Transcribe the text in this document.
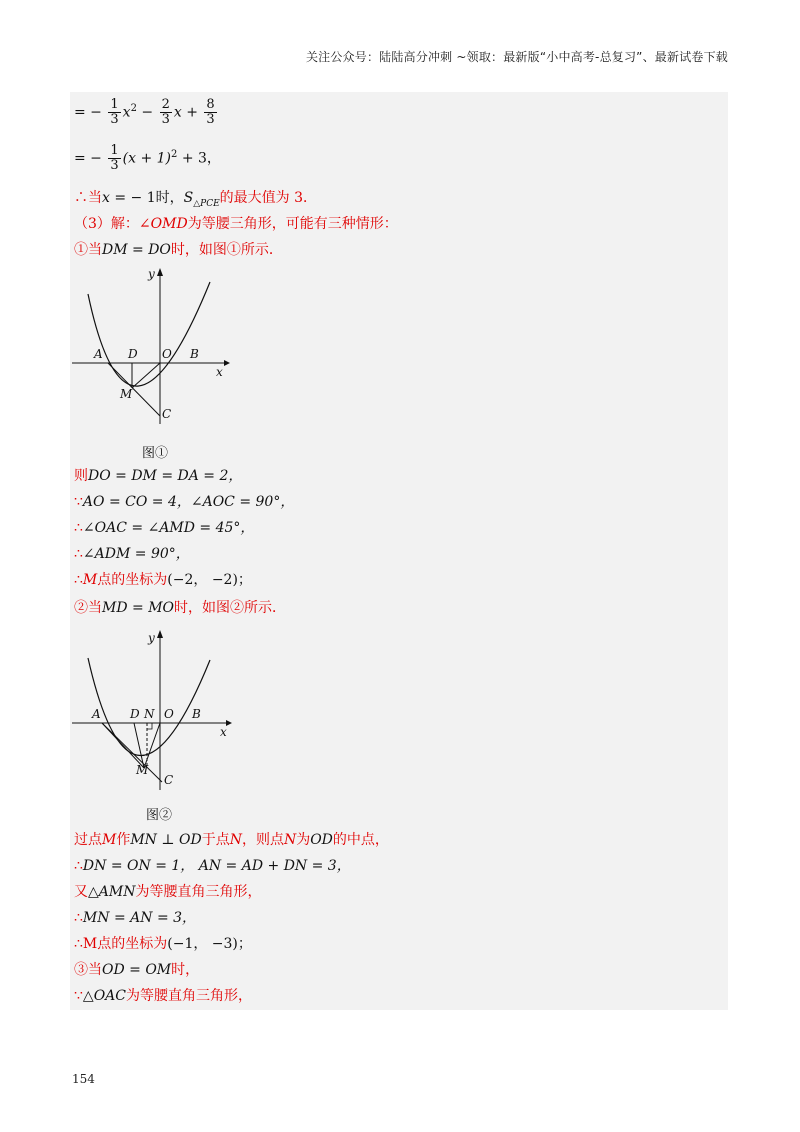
关注公众号：陆陆高分冲刺 ~领取：最新版“小中高考-总复习”、最新试卷下载
= − $\frac{1}{3} x^2 - \frac{2}{3}$ $x + \frac{8}{3}$
= − $\frac{1}{3} (x + 1)^2 + 3$，
∴当x = − 1时，$S_{\triangle PCE}$的最大值为 3．
（3）解：∠OMD为等腰三角形，可能有三种情形：
①当DM = DO时，如图①所示．
A D O B
M
C
x
y
图①
则DO = DM = DA = 2，
∵AO = CO = 4，∠AOC = 90°，
∴∠OAC = ∠AMD = 45°，
∴∠ADM = 90°，
∴M点的坐标为(−2， −2)；
②当MD = MO时，如图②所示．
A D N O B
M
C
x
y
图②
过点M作MN ⊥ OD于点N，则点N为OD的中点，
∴DN = ON = 1， AN = AD + DN = 3，
又△AMN为等腰直角三角形，
∴MN = AN = 3，
∴M点的坐标为(−1， −3)；
③当OD = OM时，
∵△OAC为等腰直角三角形，
154
